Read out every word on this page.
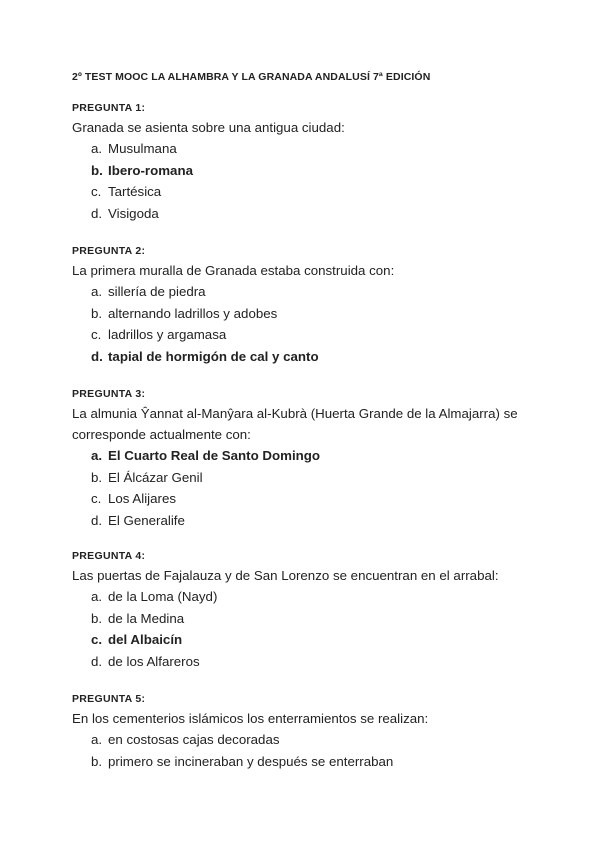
2º TEST MOOC LA ALHAMBRA Y LA GRANADA ANDALUSÍ 7ª EDICIÓN

PREGUNTA 1:

Granada se asienta sobre una antigua ciudad:

a. Musulmana
b. Ibero-romana
c. Tartésica
d. Visigoda

PREGUNTA 2:

La primera muralla de Granada estaba construida con:

a. sillería de piedra
b. alternando ladrillos y adobes
c. ladrillos y argamasa
d. tapial de hormigón de cal y canto

PREGUNTA 3:

La almunia Ŷannat al-Manŷara al-Kubrà (Huerta Grande de la Almajarra) se corresponde actualmente con:

a. El Cuarto Real de Santo Domingo
b. El Álcázar Genil
c. Los Alijares
d. El Generalife

PREGUNTA 4:

Las puertas de Fajalauza y de San Lorenzo se encuentran en el arrabal:

a. de la Loma (Nayd)
b. de la Medina
c. del Albaicín
d. de los Alfareros

PREGUNTA 5:

En los cementerios islámicos los enterramientos se realizan:

a. en costosas cajas decoradas
b. primero se incineraban y después se enterraban
